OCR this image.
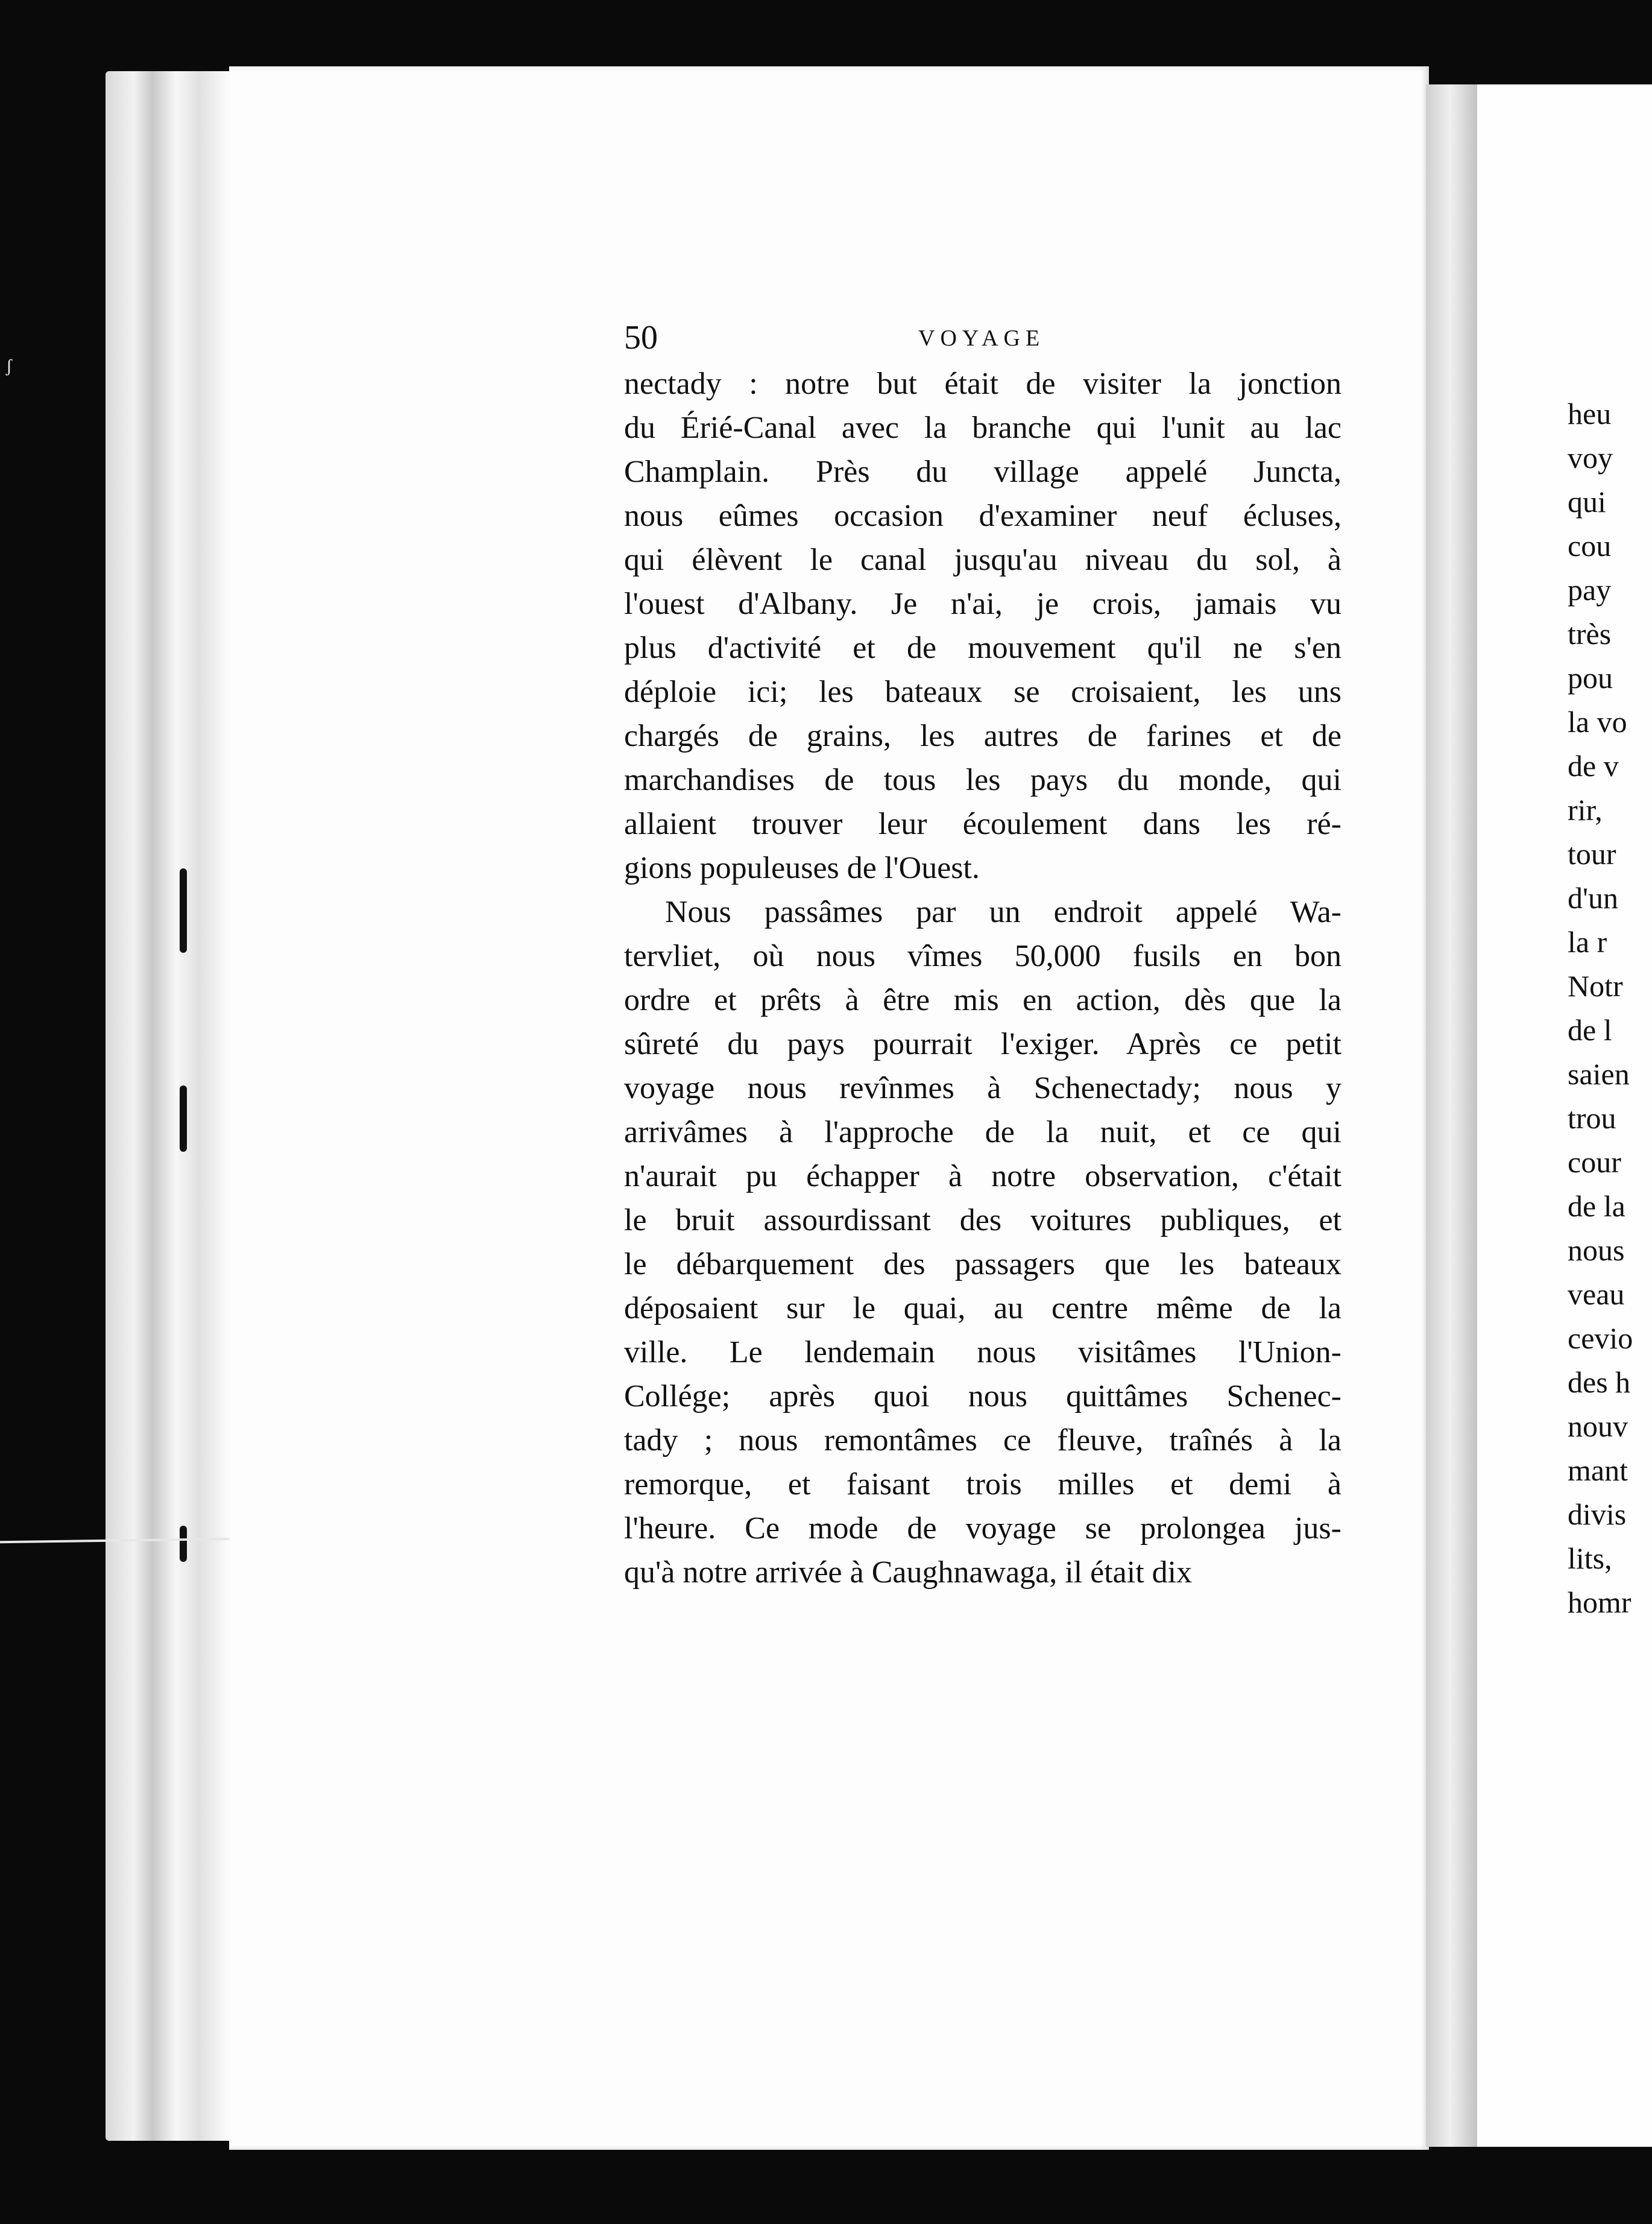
ʃ
50	VOYAGE
nectady : notre but était de visiter la jonction
du Érié-Canal avec la branche qui l'unit au lac
Champlain. Près du village appelé Juncta,
nous eûmes occasion d'examiner neuf écluses,
qui élèvent le canal jusqu'au niveau du sol, à
l'ouest d'Albany. Je n'ai, je crois, jamais vu
plus d'activité et de mouvement qu'il ne s'en
déploie ici; les bateaux se croisaient, les uns
chargés de grains, les autres de farines et de
marchandises de tous les pays du monde, qui
allaient trouver leur écoulement dans les ré-
gions populeuses de l'Ouest.
Nous passâmes par un endroit appelé Wa-
tervliet, où nous vîmes 50,000 fusils en bon
ordre et prêts à être mis en action, dès que la
sûreté du pays pourrait l'exiger. Après ce petit
voyage nous revînmes à Schenectady; nous y
arrivâmes à l'approche de la nuit, et ce qui
n'aurait pu échapper à notre observation, c'était
le bruit assourdissant des voitures publiques, et
le débarquement des passagers que les bateaux
déposaient sur le quai, au centre même de la
ville. Le lendemain nous visitâmes l'Union-
Collége; après quoi nous quittâmes Schenec-
tady ; nous remontâmes ce fleuve, traînés à la
remorque, et faisant trois milles et demi à
l'heure. Ce mode de voyage se prolongea jus-
qu'à notre arrivée à Caughnawaga, il était dix
heu
voy
qui
cou
pay
très
pou
la vo
de v
rir,
tour
d'un
la r
Notr
de l
saien
trou
cour
de la
nous
veau
cevio
des h
nouv
mant
divis
lits,
homr
